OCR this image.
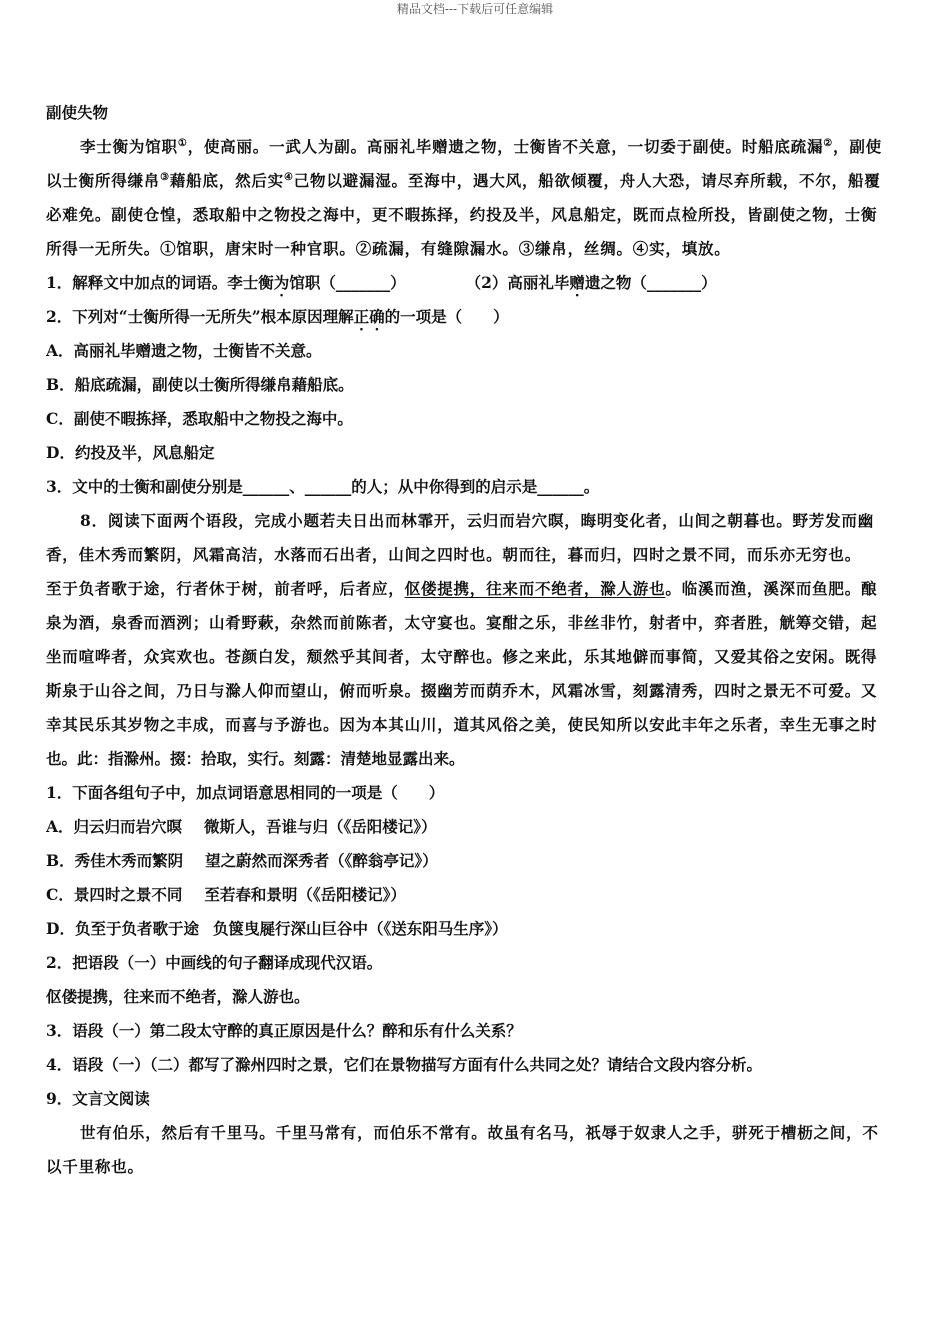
精品文档---下载后可任意编辑
副使失物
李士衡为馆职①，使高丽。一武人为副。高丽礼毕赠遗之物，士衡皆不关意，一切委于副使。时船底疏漏②，副使
以士衡所得缣帛③藉船底，然后实④己物以避漏湿。至海中，遇大风，船欲倾覆，舟人大恐，请尽弃所载，不尔，船覆
必难免。副使仓惶，悉取船中之物投之海中，更不暇拣择，约投及半，风息船定，既而点检所投，皆副使之物，士衡
所得一无所失。①馆职，唐宋时一种官职。②疏漏，有缝隙漏水。③缣帛，丝绸。④实，填放。
1．解释文中加点的词语。李士衡为馆职（_______）	（2）高丽礼毕赠遗之物（_______）
2．下列对“士衡所得一无所失”根本原因理解正确的一项是（　　）
A．高丽礼毕赠遗之物，士衡皆不关意。
B．船底疏漏，副使以士衡所得缣帛藉船底。
C．副使不暇拣择，悉取船中之物投之海中。
D．约投及半，风息船定
3．文中的士衡和副使分别是______、______的人；从中你得到的启示是______。
8．阅读下面两个语段，完成小题若夫日出而林霏开，云归而岩穴暝，晦明变化者，山间之朝暮也。野芳发而幽
香，佳木秀而繁阴，风霜高洁，水落而石出者，山间之四时也。朝而往，暮而归，四时之景不同，而乐亦无穷也。
至于负者歌于途，行者休于树，前者呼，后者应，伛偻提携，往来而不绝者，滁人游也。临溪而渔，溪深而鱼肥。酿
泉为酒，泉香而酒洌；山肴野蔌，杂然而前陈者，太守宴也。宴酣之乐，非丝非竹，射者中，弈者胜，觥筹交错，起
坐而喧哗者，众宾欢也。苍颜白发，颓然乎其间者，太守醉也。修之来此，乐其地僻而事简，又爱其俗之安闲。既得
斯泉于山谷之间，乃日与滁人仰而望山，俯而听泉。掇幽芳而荫乔木，风霜冰雪，刻露清秀，四时之景无不可爱。又
幸其民乐其岁物之丰成，而喜与予游也。因为本其山川，道其风俗之美，使民知所以安此丰年之乐者，幸生无事之时
也。此：指滁州。掇：拾取，实行。刻露：清楚地显露出来。
1．下面各组句子中，加点词语意思相同的一项是（　　）
A．归云归而岩穴暝 微斯人，吾谁与归（《岳阳楼记》）
B．秀佳木秀而繁阴 望之蔚然而深秀者（《醉翁亭记》）
C．景四时之景不同 至若春和景明（《岳阳楼记》）
D．负至于负者歌于途 负箧曳屣行深山巨谷中（《送东阳马生序》）
2．把语段（一）中画线的句子翻译成现代汉语。
伛偻提携，往来而不绝者，滁人游也。
3．语段（一）第二段太守醉的真正原因是什么？醉和乐有什么关系？
4．语段（一）（二）都写了滁州四时之景，它们在景物描写方面有什么共同之处？请结合文段内容分析。
9．文言文阅读
世有伯乐，然后有千里马。千里马常有，而伯乐不常有。故虽有名马，祇辱于奴隶人之手，骈死于槽枥之间，不
以千里称也。
